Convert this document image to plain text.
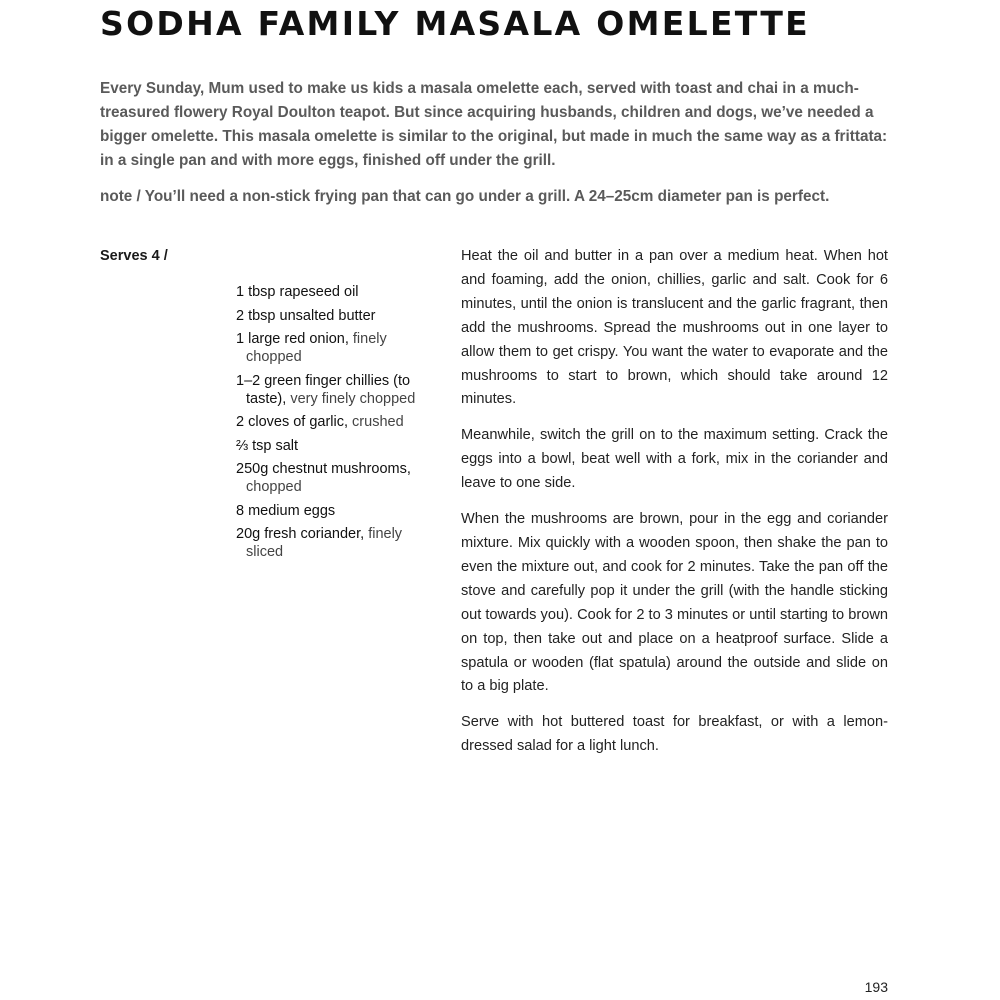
SODHA FAMILY MASALA OMELETTE

Every Sunday, Mum used to make us kids a masala omelette each, served with toast and chai in a much-treasured flowery Royal Doulton teapot. But since acquiring husbands, children and dogs, we’ve needed a bigger omelette. This masala omelette is similar to the original, but made in much the same way as a frittata: in a single pan and with more eggs, finished off under the grill.

note / You’ll need a non-stick frying pan that can go under a grill. A 24–25cm diameter pan is perfect.

Serves 4 /

1 tbsp rapeseed oil
2 tbsp unsalted butter
1 large red onion, finely chopped
1–2 green finger chillies (to taste), very finely chopped
2 cloves of garlic, crushed
⅔ tsp salt
250g chestnut mushrooms, chopped
8 medium eggs
20g fresh coriander, finely sliced

Heat the oil and butter in a pan over a medium heat. When hot and foaming, add the onion, chillies, garlic and salt. Cook for 6 minutes, until the onion is translucent and the garlic fragrant, then add the mushrooms. Spread the mushrooms out in one layer to allow them to get crispy. You want the water to evaporate and the mushrooms to start to brown, which should take around 12 minutes.

Meanwhile, switch the grill on to the maximum setting. Crack the eggs into a bowl, beat well with a fork, mix in the coriander and leave to one side.

When the mushrooms are brown, pour in the egg and coriander mixture. Mix quickly with a wooden spoon, then shake the pan to even the mixture out, and cook for 2 minutes. Take the pan off the stove and carefully pop it under the grill (with the handle sticking out towards you). Cook for 2 to 3 minutes or until starting to brown on top, then take out and place on a heatproof surface. Slide a spatula or wooden (flat spatula) around the outside and slide on to a big plate.

Serve with hot buttered toast for breakfast, or with a lemon-dressed salad for a light lunch.

193
